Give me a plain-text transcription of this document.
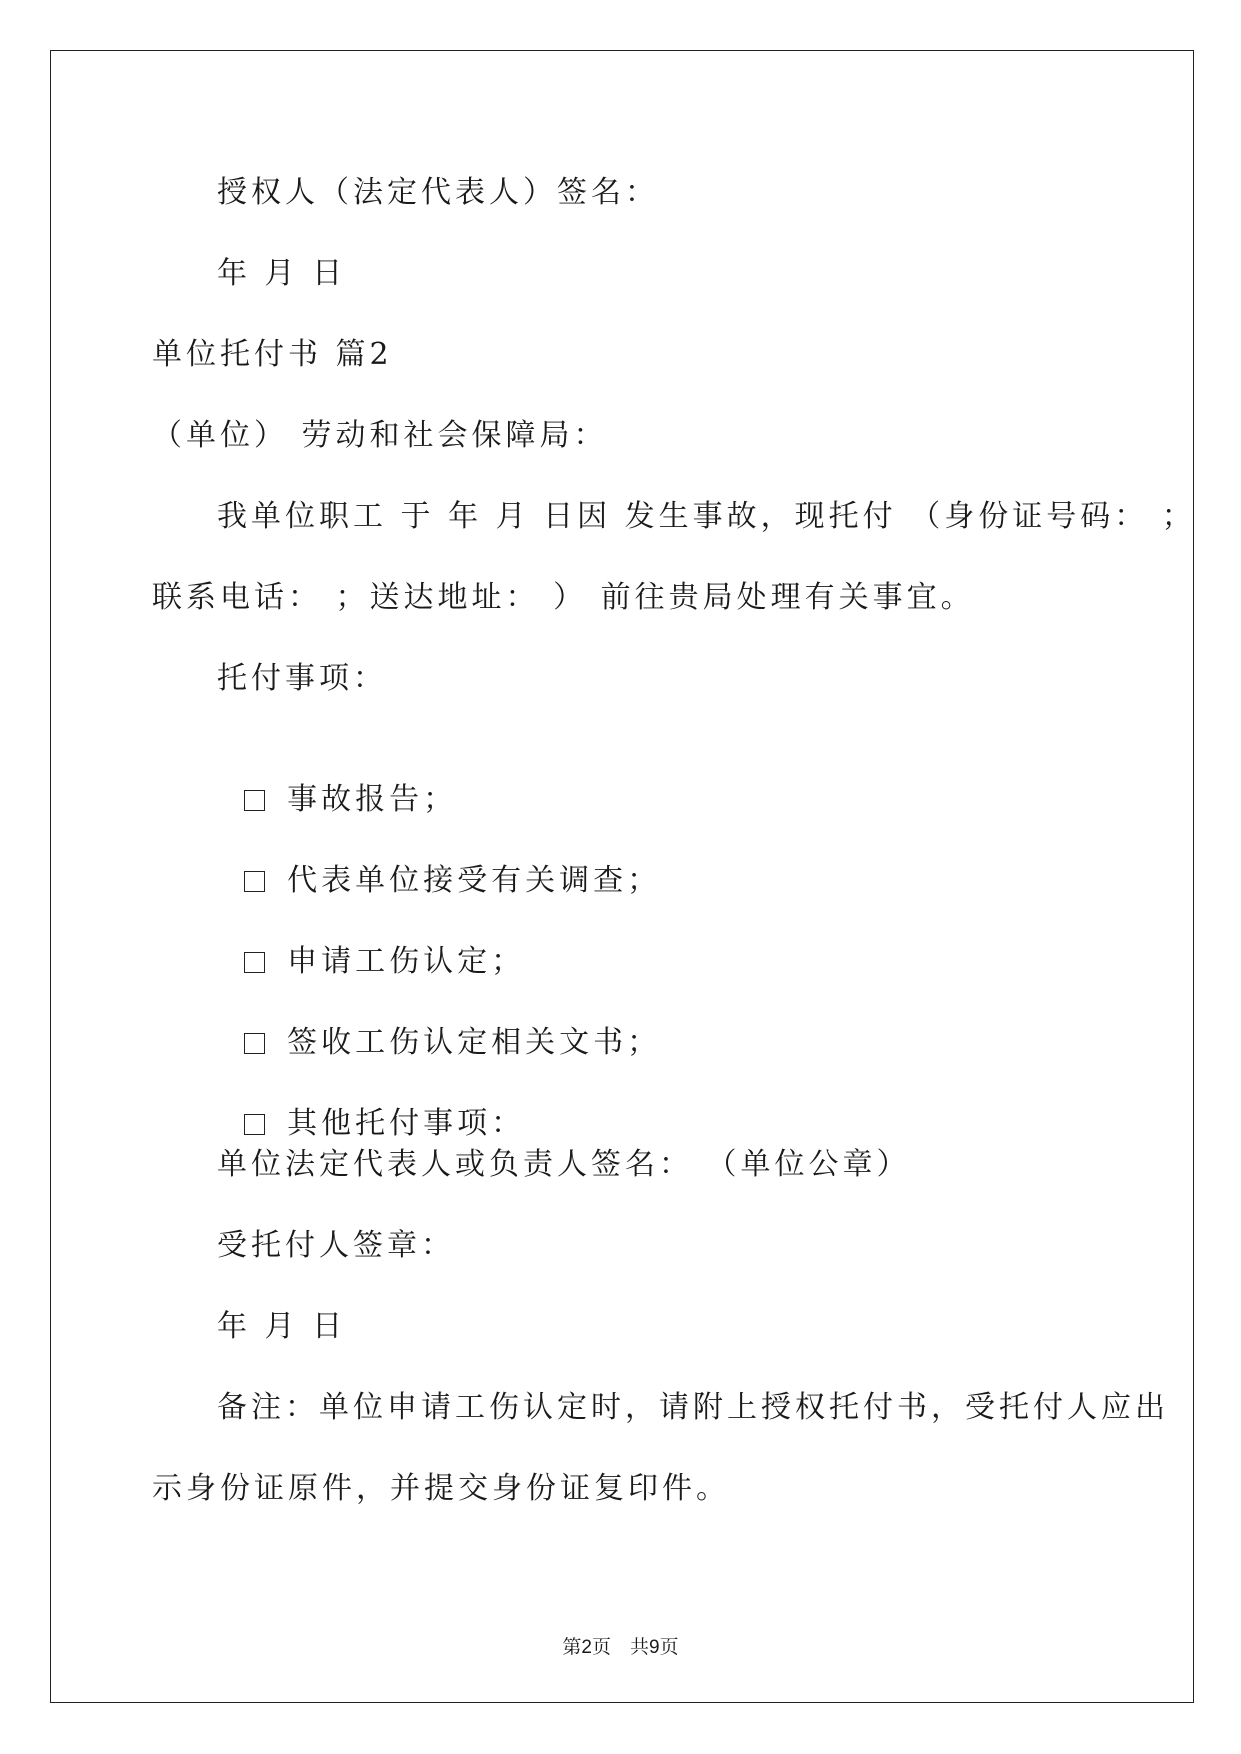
授权人（法定代表人）签名：
年 月 日
单位托付书 篇2
（单位） 劳动和社会保障局：
我单位职工 于 年 月 日因 发生事故，现托付 （身份证号码： ；
联系电话： ；送达地址： ） 前往贵局处理有关事宜。
托付事项：

事故报告；

代表单位接受有关调查；

申请工伤认定；

签收工伤认定相关文书；

其他托付事项：

单位法定代表人或负责人签名： （单位公章）
受托付人签章：
年 月 日
备注：单位申请工伤认定时，请附上授权托付书，受托付人应出
示身份证原件，并提交身份证复印件。
第2页　共9页
